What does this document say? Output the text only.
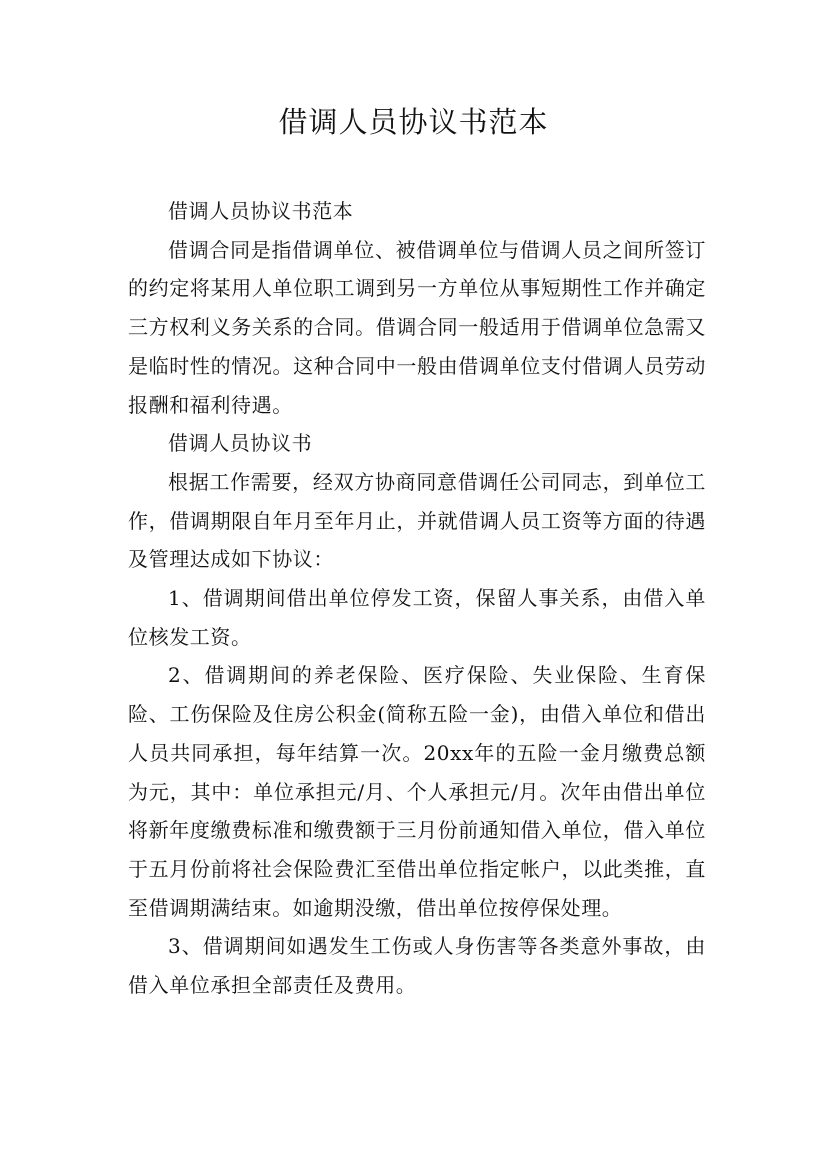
借调人员协议书范本

借调人员协议书范本

借调合同是指借调单位、被借调单位与借调人员之间所签订的约定将某用人单位职工调到另一方单位从事短期性工作并确定三方权利义务关系的合同。借调合同一般适用于借调单位急需又是临时性的情况。这种合同中一般由借调单位支付借调人员劳动报酬和福利待遇。

借调人员协议书

根据工作需要，经双方协商同意借调任公司同志，到单位工作，借调期限自年月至年月止，并就借调人员工资等方面的待遇及管理达成如下协议：

1、借调期间借出单位停发工资，保留人事关系，由借入单位核发工资。

2、借调期间的养老保险、医疗保险、失业保险、生育保险、工伤保险及住房公积金(简称五险一金)，由借入单位和借出人员共同承担，每年结算一次。20xx年的五险一金月缴费总额为元，其中：单位承担元/月、个人承担元/月。次年由借出单位将新年度缴费标准和缴费额于三月份前通知借入单位，借入单位于五月份前将社会保险费汇至借出单位指定帐户，以此类推，直至借调期满结束。如逾期没缴，借出单位按停保处理。

3、借调期间如遇发生工伤或人身伤害等各类意外事故，由借入单位承担全部责任及费用。
